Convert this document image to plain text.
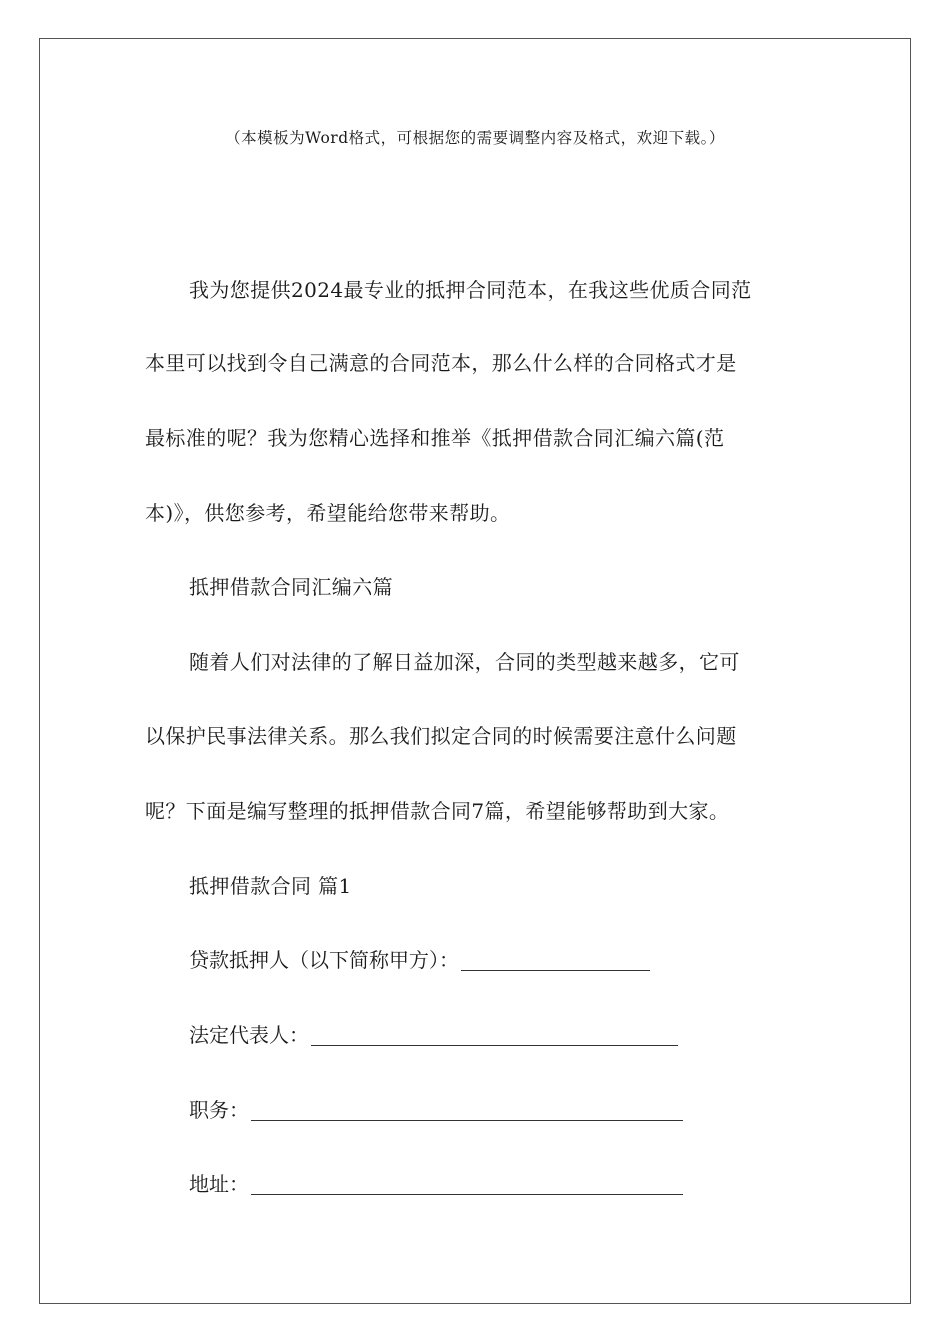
（本模板为Word格式，可根据您的需要调整内容及格式，欢迎下载。）
我为您提供2024最专业的抵押合同范本，在我这些优质合同范
本里可以找到令自己满意的合同范本，那么什么样的合同格式才是
最标准的呢？我为您精心选择和推举《抵押借款合同汇编六篇(范
本)》，供您参考，希望能给您带来帮助。
抵押借款合同汇编六篇
随着人们对法律的了解日益加深，合同的类型越来越多，它可
以保护民事法律关系。那么我们拟定合同的时候需要注意什么问题
呢？下面是编写整理的抵押借款合同7篇，希望能够帮助到大家。
抵押借款合同 篇1
贷款抵押人（以下简称甲方）：
法定代表人：
职务：
地址：
